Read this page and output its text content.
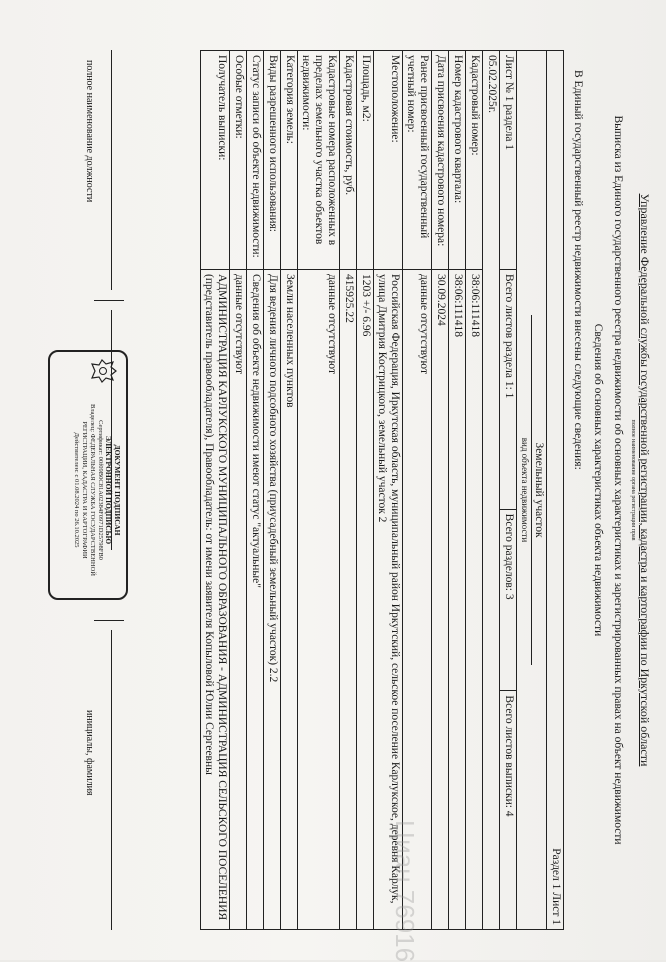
Управление Федеральной службы государственной регистрации, кадастра и картографии по Иркутской области
полное наименование органа регистрации прав
Выписка из Единого государственного реестра недвижимости об основных характеристиках и зарегистрированных правах на объект недвижимости
Сведения об основных характеристиках объекта недвижимости
В Единый государственный реестр недвижимости внесены следующие сведения:
Раздел 1 Лист 1			

Земельный участок
вид объекта недвижимости			

Лист № 1 раздела 1	Всего листов раздела 1: 1	Всего разделов: 3	Всего листов выписки: 4
05.02.2025г.			
Кадастровый номер:	38:06:111418		
Номер кадастрового квартала:	38:06:111418		
Дата присвоения кадастрового номера:	30.09.2024		
Ранее присвоенный государственный учетный номер:	данные отсутствуют		
Местоположение:	Российская Федерация, Иркутская область, муниципальный район Иркутский, сельское поселение Карлукское, деревня Карлук, улица Дмитрия Кострицкого, земельный участок 2		
Площадь, м2:	1203 +/- 6.96		
Кадастровая стоимость, руб.	415925.22		
Кадастровые номера расположенных в пределах земельного участка объектов недвижимости:	данные отсутствуют		
Категория земель:	Земли населенных пунктов		
Виды разрешенного использования:	Для ведения личного подсобного хозяйства (приусадебный земельный участок) 2.2		
Статус записи об объекте недвижимости:	Сведения об объекте недвижимости имеют статус "актуальные"		
Особые отметки:	данные отсутствуют		
Получатель выписки:	АДМИНИСТРАЦИЯ КАРЛУКСКОГО МУНИЦИПАЛЬНОГО ОБРАЗОВАНИЯ - АДМИНИСТРАЦИЯ СЕЛЬСКОГО ПОСЕЛЕНИЯ (представитель правообладателя), Правообладатель: от имени заявителя Копыловой Юлии Сергеевны		
полное наименование должности
инициалы, фамилия
ДОКУМЕНТ ПОДПИСАН
ЭЛЕКТРОННОЙ ПОДПИСЬЮ
Сертификат: 00f09B0C81A02384F0971D25798FB0
Владелец: ФЕДЕРАЛЬНАЯ СЛУЖБА ГОСУДАРСТВЕННОЙ
РЕГИСТРАЦИИ, КАДАСТРА И КАРТОГРАФИИ
Действителен: с 01.08.2024 по 26.10.2025
Циан 76916
